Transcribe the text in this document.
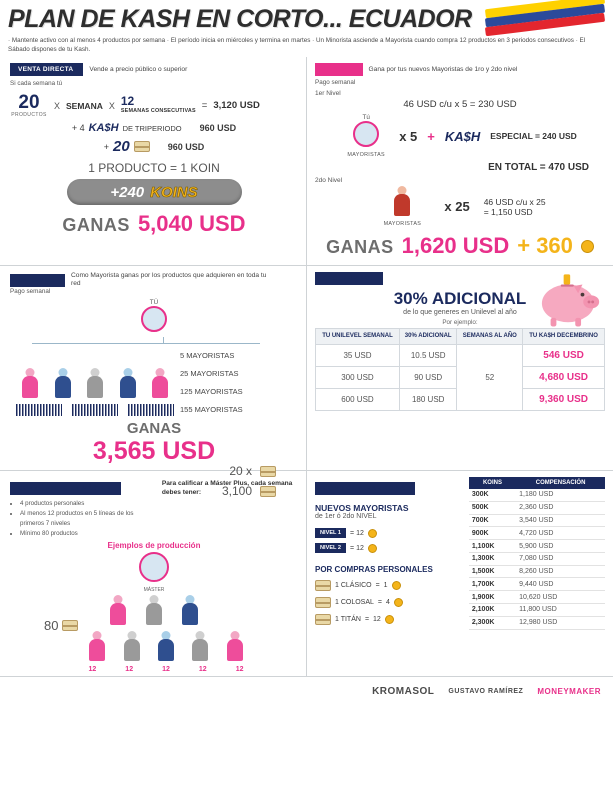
PLAN DE KASH EN CORTO... ECUADOR
· Mantente activo con al menos 4 productos por semana · El período inicia en miércoles y termina en martes · Un Minorista asciende a Mayorista cuando compra 12 productos en 3 periodos consecutivos · El Sábado dispones de tu Kash.
VENTA DIRECTA	Vende a precio público o superior
Si cada semana tú
20
PRODUCTOS
X SEMANA X 12
SEMANAS CONSECUTIVAS = 3,120 USD
+ 4 KA$H DE TRIPERIODO 960 USD
+ 20	960 USD
1 PRODUCTO = 1 KOIN
+240 KOINS
GANAS 5,040 USD
RÁPIDO:	Gana por tus nuevos Mayoristas de 1ro y 2do nivel
Pago semanal
1er Nivel
46 USD c/u x 5 = 230 USD
Tú
MAYORISTAS
x 5 + KA$H ESPECIAL = 240 USD
EN TOTAL = 470 USD
2do Nivel
MAYORISTAS
x 25 46 USD c/u x 25
= 1,150 USD
GANAS 1,620 USD + 360
UNILEVEL:
Como Mayorista ganas por los productos que adquieren en toda tu red
Pago semanal
TÚ
5 MAYORISTAS
25 MAYORISTAS
125 MAYORISTAS
155 MAYORISTAS
GANAS
3,565 USD
20 x
3,100
DECEMBRINO:
30% ADICIONAL
de lo que generes en Unilevel al año
Por ejemplo:
TU UNILEVEL SEMANAL	30% ADICIONAL	SEMANAS AL AÑO	TU KA$H DECEMBRINO
35 USD	10.5 USD	52	546 USD
300 USD	90 USD		4,680 USD
600 USD	180 USD		9,360 USD
CONVIÉRTETE EN MÁSTER
• 4 productos personales
• Al menos 12 productos en 5 líneas de los primeros 7 niveles
• Mínimo 80 productos
Para calificar a Máster Plus, cada semana debes tener:
Ejemplos de producción
MÁSTER
12	12	12	12	12
80
CÓMO GENERAR KOINS
NUEVOS MAYORISTAS
de 1er ó 2do NIVEL
NIVEL 1	= 12
NIVEL 2	= 12
POR COMPRAS PERSONALES
1 CLÁSICO = 1
1 COLOSAL = 4
1 TITÁN = 12
KOINS	COMPENSACIÓN
300K	1,180 USD
500K	2,360 USD
700K	3,540 USD
900K	4,720 USD
1,100K	5,900 USD
1,300K	7,080 USD
1,500K	8,260 USD
1,700K	9,440 USD
1,900K	10,620 USD
2,100K	11,800 USD
2,300K	12,980 USD
KROMASOL GUSTAVO RAMÍREZ MONEYMAKER
